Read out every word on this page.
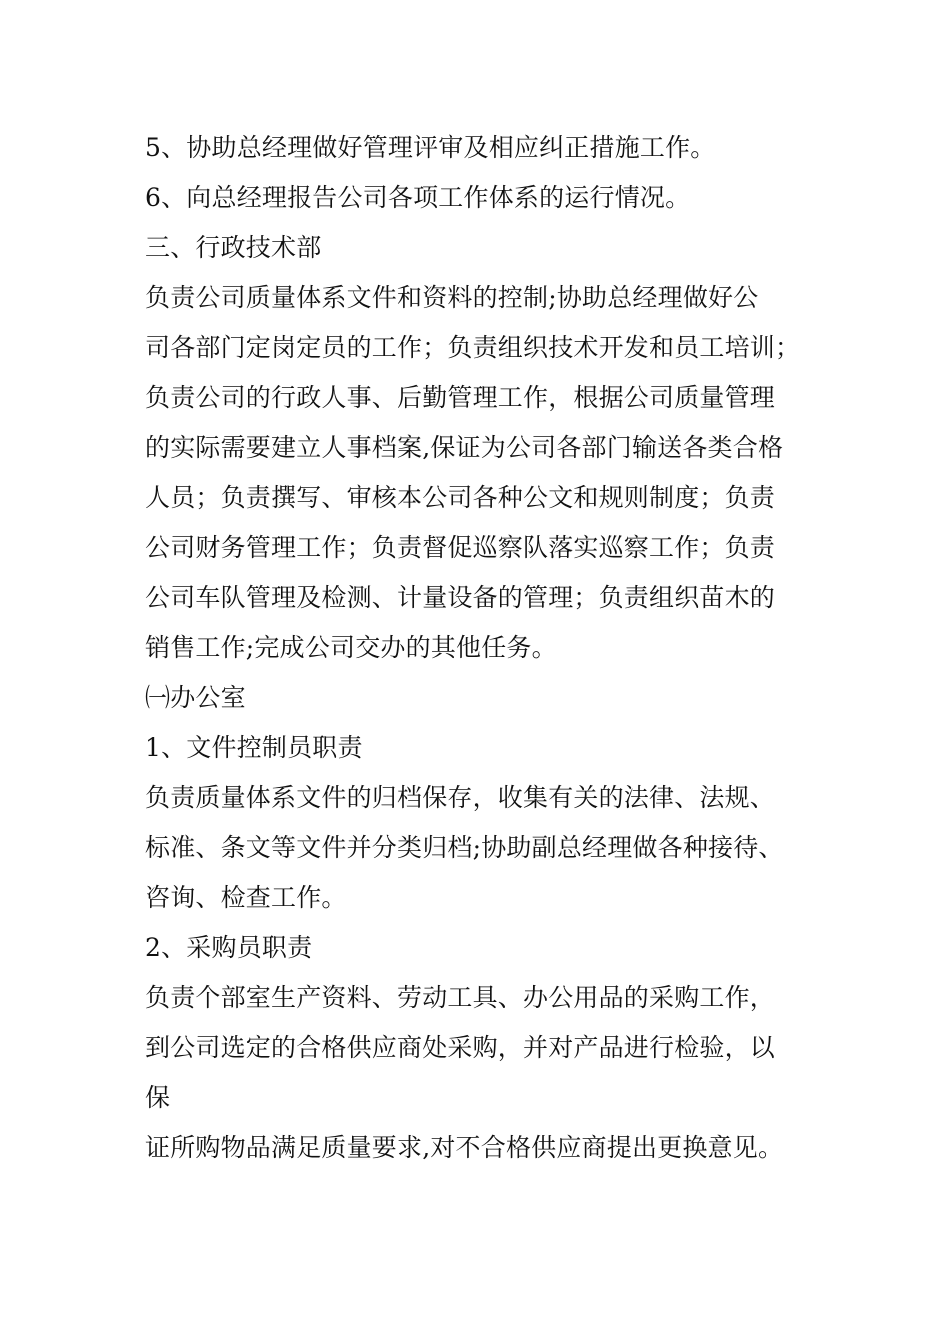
5、协助总经理做好管理评审及相应纠正措施工作。
6、向总经理报告公司各项工作体系的运行情况。
三、行政技术部
负责公司质量体系文件和资料的控制;协助总经理做好公
司各部门定岗定员的工作；负责组织技术开发和员工培训；
负责公司的行政人事、后勤管理工作，根据公司质量管理
的实际需要建立人事档案,保证为公司各部门输送各类合格
人员；负责撰写、审核本公司各种公文和规则制度；负责
公司财务管理工作；负责督促巡察队落实巡察工作；负责
公司车队管理及检测、计量设备的管理；负责组织苗木的
销售工作;完成公司交办的其他任务。
㈠办公室
1、文件控制员职责
负责质量体系文件的归档保存，收集有关的法律、法规、
标准、条文等文件并分类归档;协助副总经理做各种接待、
咨询、检查工作。
2、采购员职责
负责个部室生产资料、劳动工具、办公用品的采购工作，
到公司选定的合格供应商处采购，并对产品进行检验，以
保
证所购物品满足质量要求,对不合格供应商提出更换意见。
